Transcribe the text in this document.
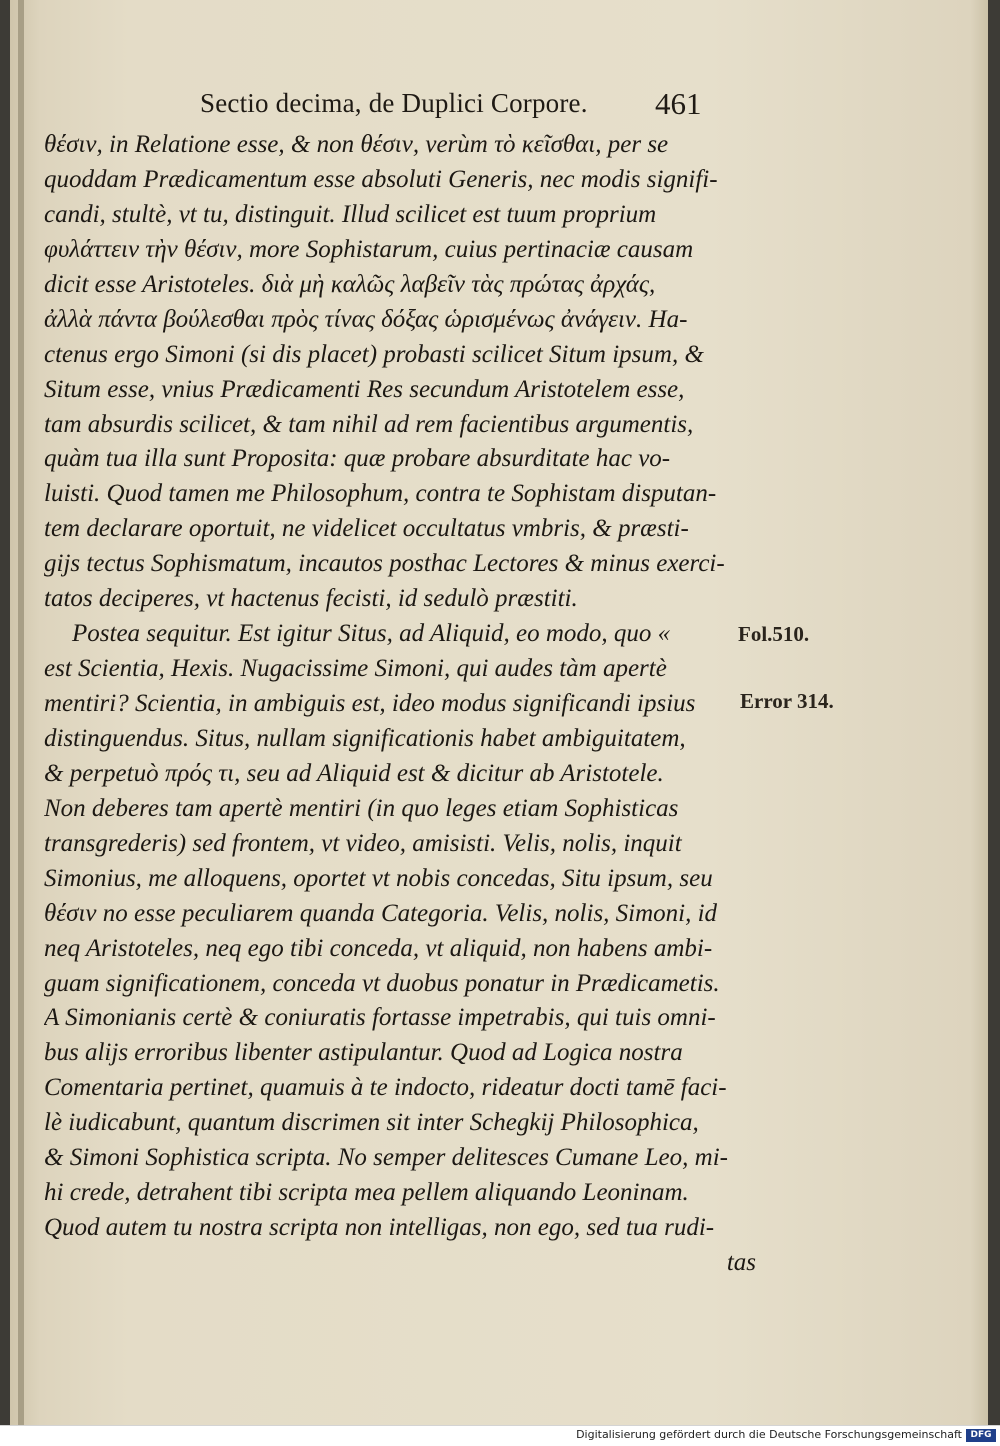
Sectio decima, de Duplici Corpore.	461
θέσιν, in Relatione esse, & non θέσιν, verùm τὸ κεῖσθαι, per se
quoddam Prædicamentum esse absoluti Generis, nec modis signifi-
candi, stultè, vt tu, distinguit. Illud scilicet est tuum proprium
φυλάττειν τὴν θέσιν, more Sophistarum, cuius pertinaciæ causam
dicit esse Aristoteles. διὰ μὴ καλῶς λαβεῖν τὰς πρώτας ἀρχάς,
ἀλλὰ πάντα βούλεσθαι πρὸς τίνας δόξας ὡρισμένως ἀνάγειν. Ha-
ctenus ergo Simoni (si dis placet) probasti scilicet Situm ipsum, &
Situm esse, vnius Prædicamenti Res secundum Aristotelem esse,
tam absurdis scilicet, & tam nihil ad rem facientibus argumentis,
quàm tua illa sunt Proposita: quæ probare absurditate hac vo-
luisti. Quod tamen me Philosophum, contra te Sophistam disputan-
tem declarare oportuit, ne videlicet occultatus vmbris, & præsti-
gijs tectus Sophismatum, incautos posthac Lectores & minus exerci-
tatos deciperes, vt hactenus fecisti, id sedulò præstiti.
Postea sequitur. Est igitur Situs, ad Aliquid, eo modo, quo «
est Scientia, Hexis. Nugacissime Simoni, qui audes tàm apertè
mentiri? Scientia, in ambiguis est, ideo modus significandi ipsius
distinguendus. Situs, nullam significationis habet ambiguitatem,
& perpetuò πρός τι, seu ad Aliquid est & dicitur ab Aristotele.
Non deberes tam apertè mentiri (in quo leges etiam Sophisticas
transgrederis) sed frontem, vt video, amisisti. Velis, nolis, inquit
Simonius, me alloquens, oportet vt nobis concedas, Situ ipsum, seu
θέσιν no esse peculiarem quanda Categoria. Velis, nolis, Simoni, id
neq Aristoteles, neq ego tibi conceda, vt aliquid, non habens ambi-
guam significationem, conceda vt duobus ponatur in Prædicametis.
A Simonianis certè & coniuratis fortasse impetrabis, qui tuis omni-
bus alijs erroribus libenter astipulantur. Quod ad Logica nostra
Comentaria pertinet, quamuis à te indocto, rideatur docti tamē faci-
lè iudicabunt, quantum discrimen sit inter Schegkij Philosophica,
& Simoni Sophistica scripta. No semper delitesces Cumane Leo, mi-
hi crede, detrahent tibi scripta mea pellem aliquando Leoninam.
Quod autem tu nostra scripta non intelligas, non ego, sed tua rudi-
tas
Fol.510.
Error 314.
Digitalisierung gefördert durch die Deutsche Forschungsgemeinschaft DFG
